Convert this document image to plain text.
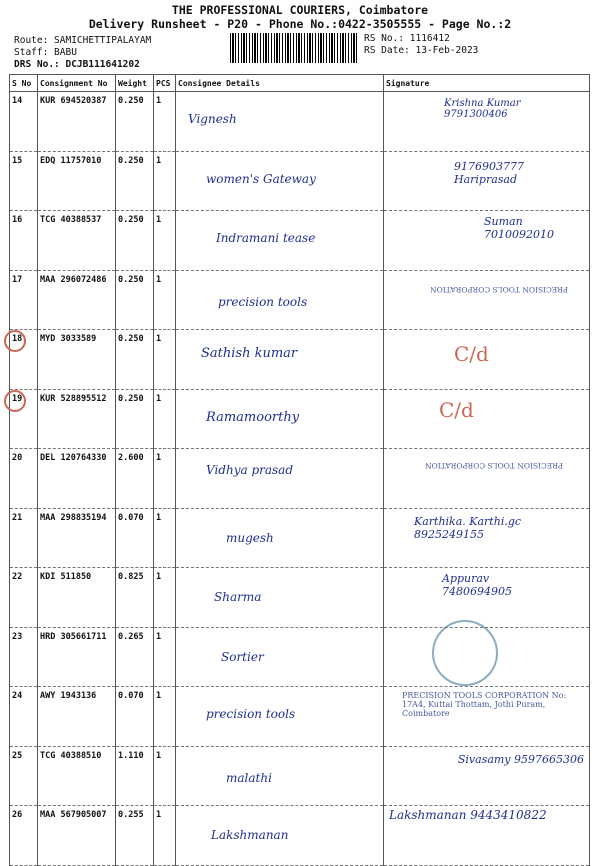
THE PROFESSIONAL COURIERS, Coimbatore
Delivery Runsheet - P20 - Phone No.:0422-3505555 - Page No.:2
Route: SAMICHETTIPALAYAM
Staff: BABU
DRS No.: DCJB111641202
RS No.: 1116412
RS Date: 13-Feb-2023
S No	Consignment No	Weight	PCS	Consignee Details	Signature
14	KUR 694520387	0.250	1	Vignesh	Krishna Kumar 9791300406

15	EDQ 11757010	0.250	1	women's Gateway	9176903777 Hariprasad

16	TCG 40388537	0.250	1	Indramani tease	Suman 7010092010

17	MAA 296072486	0.250	1	precision tools	PRECISION TOOLS CORPORATION

18	MYD 3033589	0.250	1	Sathish kumar	C/d

19	KUR 528895512	0.250	1	Ramamoorthy	C/d

20	DEL 120764330	2.600	1	Vidhya prasad	PRECISION TOOLS CORPORATION

21	MAA 298835194	0.070	1	mugesh	Karthika. Karthi.gc 8925249155

22	KDI 511850	0.825	1	Sharma	Appurav 7480694905

23	HRD 305661711	0.265	1	Sortier	

24	AWY 1943136	0.070	1	precision tools	PRECISION TOOLS CORPORATION No: 17A4, Kuttai Thottam, Jothi Puram, Coimbatore

25	TCG 40388510	1.110	1	malathi	Sivasamy 9597665306

26	MAA 567905007	0.255	1	Lakshmanan	Lakshmanan 9443410822
